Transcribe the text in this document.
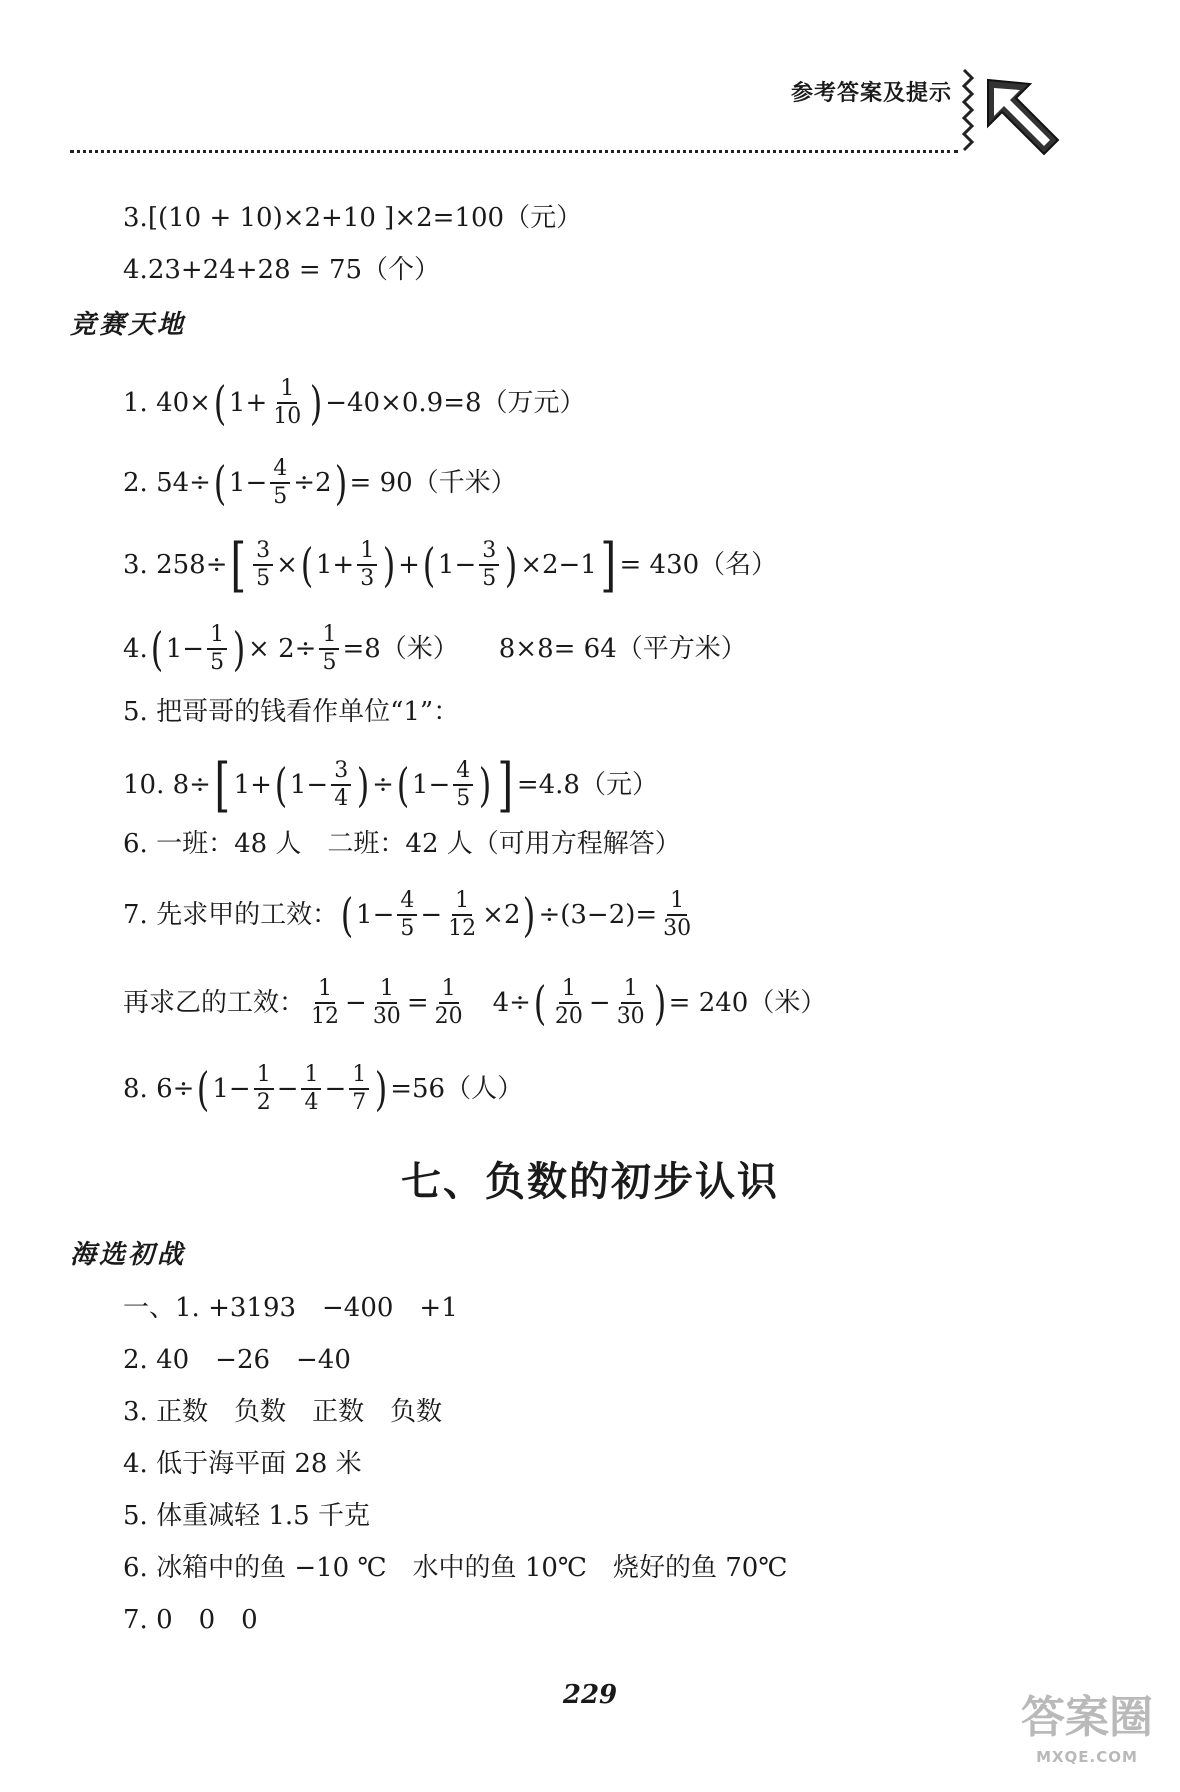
参考答案及提示
3. [(10 + 10)×2+10 ]×2=100（元）
4. 23+24+28 = 75（个）
竞赛天地
1. 40× ( $1+ \frac{1}{10}$ ) −40×0.9=8（万元）
2. 54÷ ( $1- \frac{4}{5} \div 2$ ) = 90（千米）
3. 258÷ [ $\frac{3}{5}$ × ( $1+ \frac{1}{3}$ ) + ( $1- \frac{3}{5}$ ) ×2−1 ] = 430（名）
4. ( $1- \frac{1}{5}$ ) × $2\div \frac{1}{5} =8$（米） 8×8= 64（平方米）
5. 把哥哥的钱看作单位“1”：
10. 8÷ [ 1+ ( $1- \frac{3}{4}$ ) ÷ ( $1- \frac{4}{5}$ ) ] =4.8（元）
6. 一班：48 人　二班：42 人（可用方程解答）
7. 先求甲的工效： ( $1- \frac{4}{5} - \frac{1}{12} \times 2$ ) $\div(3-2)= \frac{1}{30}$
再求乙的工效： $\frac{1}{12} - \frac{1}{30} = \frac{1}{20} 4\div$ ( $\frac{1}{20} - \frac{1}{30}$ ) = 240（米）
8. 6÷ ( $1- \frac{1}{2} - \frac{1}{4} - \frac{1}{7}$ ) =56（人）
七、负数的初步认识
海选初战
一、1. +3193　−400　+1
2. 40　−26　−40
3. 正数　负数　正数　负数
4. 低于海平面 28 米
5. 体重减轻 1.5 千克
6. 冰箱中的鱼 −10 ℃　水中的鱼 10℃　烧好的鱼 70℃
7. 0　0　0
229	答案圈
MXQE.COM
